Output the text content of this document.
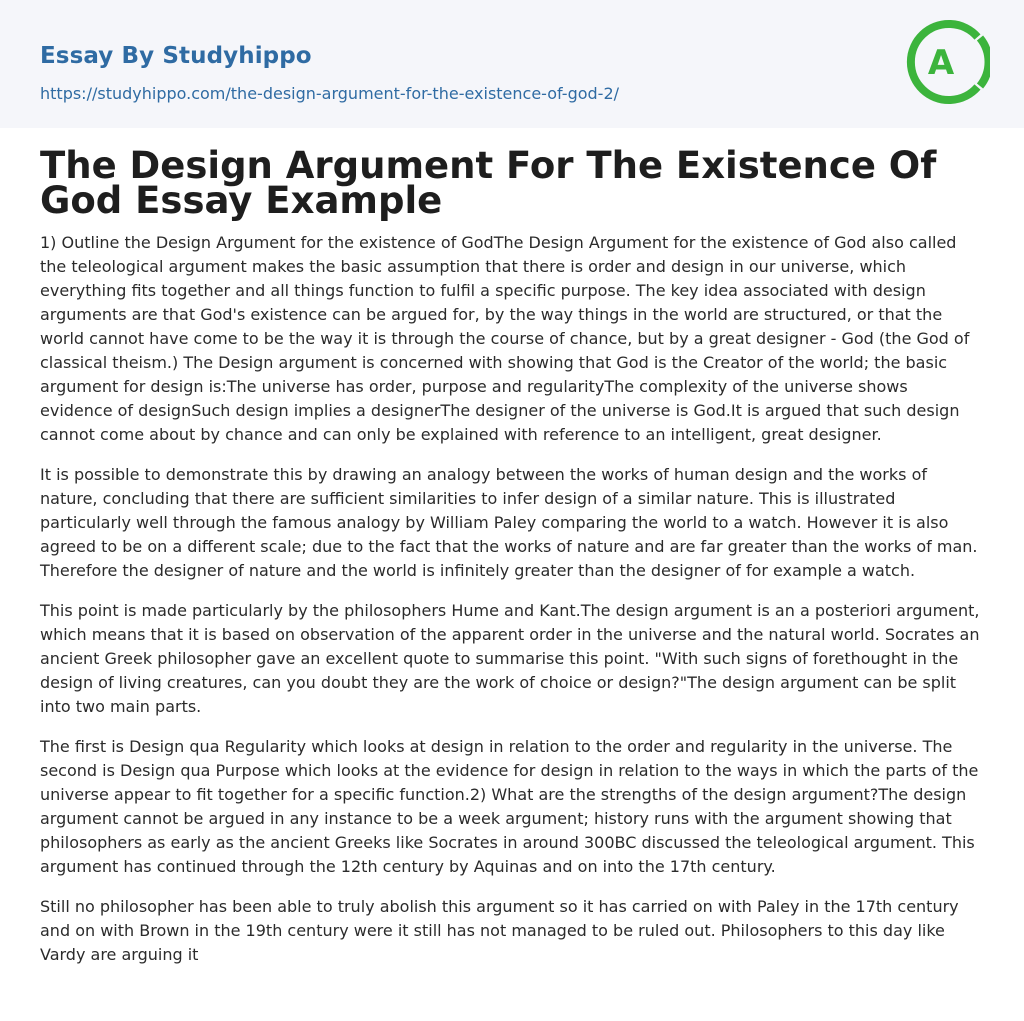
Essay By Studyhippo
https://studyhippo.com/the-design-argument-for-the-existence-of-god-2/
A
The Design Argument For The Existence Of God Essay Example

1) Outline the Design Argument for the existence of GodThe Design Argument for the existence of God also called the teleological argument makes the basic assumption that there is order and design in our universe, which everything fits together and all things function to fulfil a specific purpose. The key idea associated with design arguments are that God's existence can be argued for, by the way things in the world are structured, or that the world cannot have come to be the way it is through the course of chance, but by a great designer - God (the God of classical theism.) The Design argument is concerned with showing that God is the Creator of the world; the basic argument for design is:The universe has order, purpose and regularityThe complexity of the universe shows evidence of designSuch design implies a designerThe designer of the universe is God.It is argued that such design cannot come about by chance and can only be explained with reference to an intelligent, great designer.

It is possible to demonstrate this by drawing an analogy between the works of human design and the works of nature, concluding that there are sufficient similarities to infer design of a similar nature. This is illustrated particularly well through the famous analogy by William Paley comparing the world to a watch. However it is also agreed to be on a different scale; due to the fact that the works of nature and are far greater than the works of man. Therefore the designer of nature and the world is infinitely greater than the designer of for example a watch.

This point is made particularly by the philosophers Hume and Kant.The design argument is an a posteriori argument, which means that it is based on observation of the apparent order in the universe and the natural world. Socrates an ancient Greek philosopher gave an excellent quote to summarise this point. "With such signs of forethought in the design of living creatures, can you doubt they are the work of choice or design?"The design argument can be split into two main parts.

The first is Design qua Regularity which looks at design in relation to the order and regularity in the universe. The second is Design qua Purpose which looks at the evidence for design in relation to the ways in which the parts of the universe appear to fit together for a specific function.2) What are the strengths of the design argument?The design argument cannot be argued in any instance to be a week argument; history runs with the argument showing that philosophers as early as the ancient Greeks like Socrates in around 300BC discussed the teleological argument. This argument has continued through the 12th century by Aquinas and on into the 17th century.

Still no philosopher has been able to truly abolish this argument so it has carried on with Paley in the 17th century and on with Brown in the 19th century were it still has not managed to be ruled out. Philosophers to this day like Vardy are arguing it
